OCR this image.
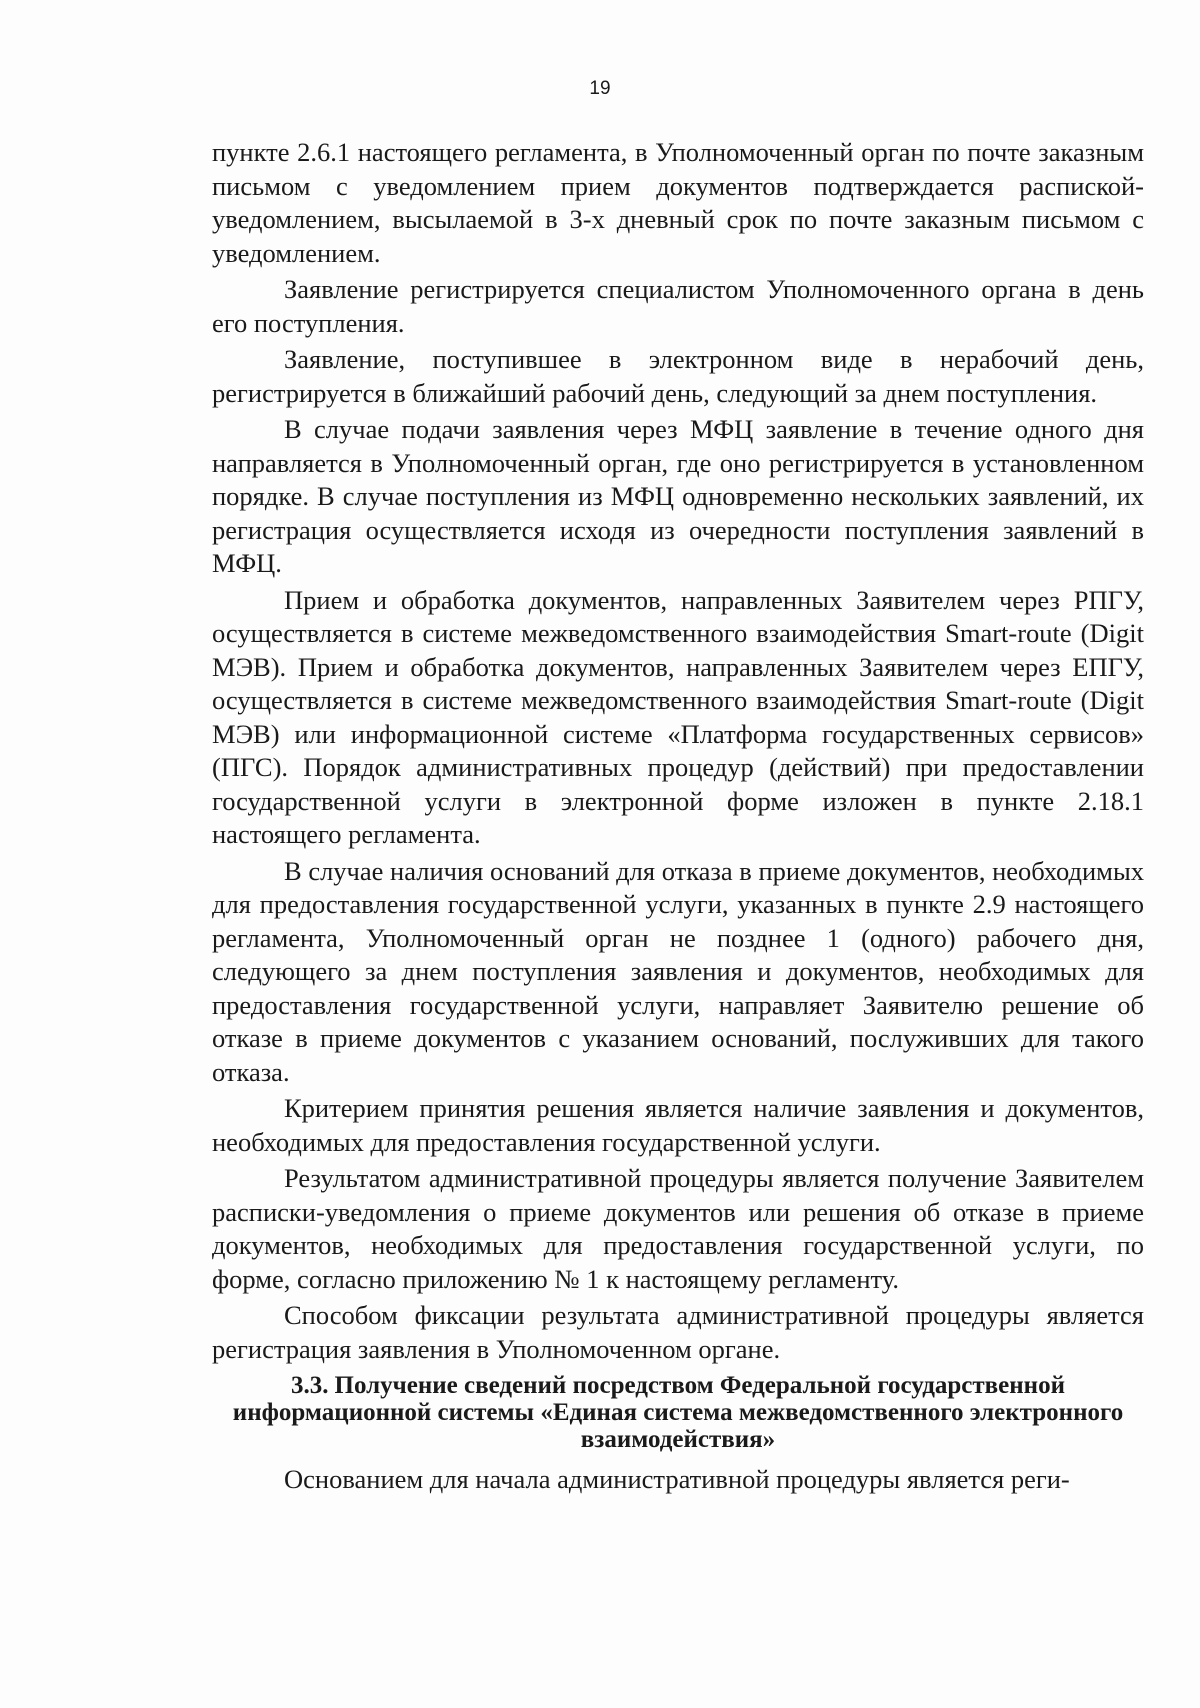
19

пункте 2.6.1 настоящего регламента, в Уполномоченный орган по почте заказным письмом с уведомлением прием документов подтверждается распиской-уведомлением, высылаемой в 3-х дневный срок по почте заказным письмом с уведомлением.

Заявление регистрируется специалистом Уполномоченного органа в день его поступления.

Заявление, поступившее в электронном виде в нерабочий день, регистрируется в ближайший рабочий день, следующий за днем поступления.

В случае подачи заявления через МФЦ заявление в течение одного дня направляется в Уполномоченный орган, где оно регистрируется в установленном порядке. В случае поступления из МФЦ одновременно нескольких заявлений, их регистрация осуществляется исходя из очередности поступления заявлений в МФЦ.

Прием и обработка документов, направленных Заявителем через РПГУ, осуществляется в системе межведомственного взаимодействия Smart-route (Digit МЭВ). Прием и обработка документов, направленных Заявителем через ЕПГУ, осуществляется в системе межведомственного взаимодействия Smart-route (Digit МЭВ) или информационной системе «Платформа государственных сервисов» (ПГС). Порядок административных процедур (действий) при предоставлении государственной услуги в электронной форме изложен в пункте 2.18.1 настоящего регламента.

В случае наличия оснований для отказа в приеме документов, необходимых для предоставления государственной услуги, указанных в пункте 2.9 настоящего регламента, Уполномоченный орган не позднее 1 (одного) рабочего дня, следующего за днем поступления заявления и документов, необходимых для предоставления государственной услуги, направляет Заявителю решение об отказе в приеме документов с указанием оснований, послуживших для такого отказа.

Критерием принятия решения является наличие заявления и документов, необходимых для предоставления государственной услуги.

Результатом административной процедуры является получение Заявителем расписки-уведомления о приеме документов или решения об отказе в приеме документов, необходимых для предоставления государственной услуги, по форме, согласно приложению № 1 к настоящему регламенту.

Способом фиксации результата административной процедуры является регистрация заявления в Уполномоченном органе.

3.3. Получение сведений посредством Федеральной государственной информационной системы «Единая система межведомственного электронного взаимодействия»

Основанием для начала административной процедуры является реги-
